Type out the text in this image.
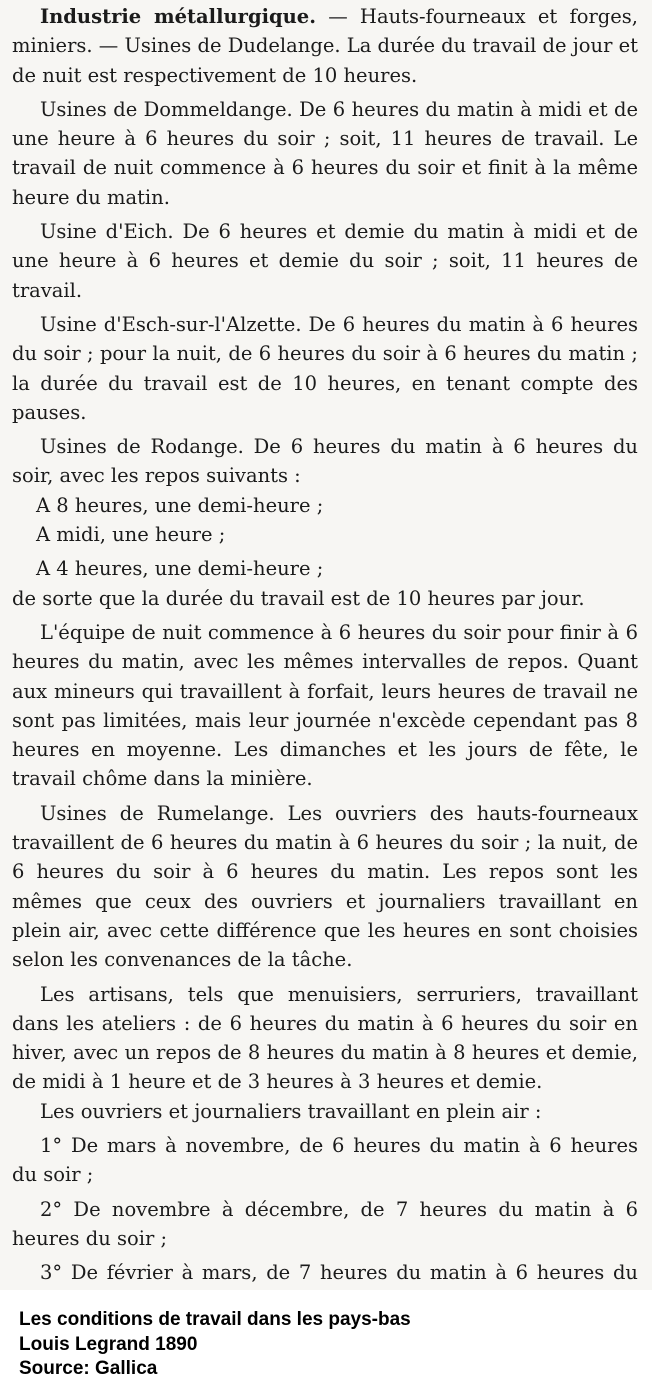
Industrie métallurgique. — Hauts-fourneaux et forges, miniers. — Usines de Dudelange. La durée du travail de jour et de nuit est respectivement de 10 heures.

Usines de Dommeldange. De 6 heures du matin à midi et de une heure à 6 heures du soir ; soit, 11 heures de travail. Le travail de nuit commence à 6 heures du soir et finit à la même heure du matin.

Usine d'Eich. De 6 heures et demie du matin à midi et de une heure à 6 heures et demie du soir ; soit, 11 heures de travail.

Usine d'Esch-sur-l'Alzette. De 6 heures du matin à 6 heures du soir ; pour la nuit, de 6 heures du soir à 6 heures du matin ; la durée du travail est de 10 heures, en tenant compte des pauses.

Usines de Rodange. De 6 heures du matin à 6 heures du soir, avec les repos suivants :

A 8 heures, une demi-heure ;

A midi, une heure ;

A 4 heures, une demi-heure ;

de sorte que la durée du travail est de 10 heures par jour.

L'équipe de nuit commence à 6 heures du soir pour finir à 6 heures du matin, avec les mêmes intervalles de repos. Quant aux mineurs qui travaillent à forfait, leurs heures de travail ne sont pas limitées, mais leur journée n'excède cependant pas 8 heures en moyenne. Les dimanches et les jours de fête, le travail chôme dans la minière.

Usines de Rumelange. Les ouvriers des hauts-fourneaux travaillent de 6 heures du matin à 6 heures du soir ; la nuit, de 6 heures du soir à 6 heures du matin. Les repos sont les mêmes que ceux des ouvriers et journaliers travaillant en plein air, avec cette différence que les heures en sont choisies selon les convenances de la tâche.

Les artisans, tels que menuisiers, serruriers, travaillant dans les ateliers : de 6 heures du matin à 6 heures du soir en hiver, avec un repos de 8 heures du matin à 8 heures et demie, de midi à 1 heure et de 3 heures à 3 heures et demie.

Les ouvriers et journaliers travaillant en plein air :

1° De mars à novembre, de 6 heures du matin à 6 heures du soir ;

2° De novembre à décembre, de 7 heures du matin à 6 heures du soir ;

3° De février à mars, de 7 heures du matin à 6 heures du

Les conditions de travail dans les pays-bas
Louis Legrand 1890
Source: Gallica
